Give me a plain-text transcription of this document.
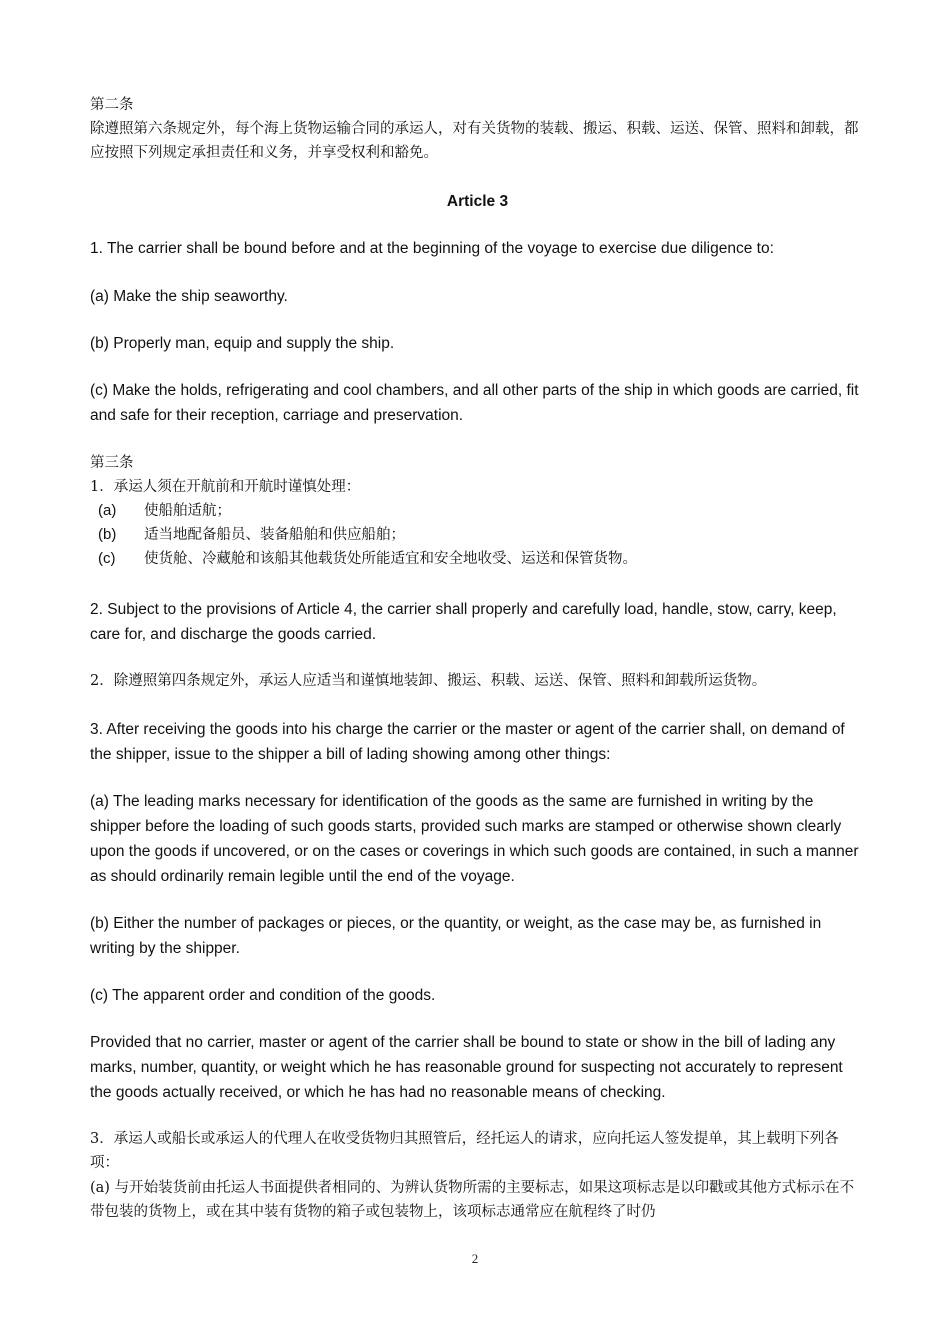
第二条
除遵照第六条规定外，每个海上货物运输合同的承运人，对有关货物的装载、搬运、积载、运送、保管、照料和卸载，都应按照下列规定承担责任和义务，并享受权利和豁免。
Article 3
1. The carrier shall be bound before and at the beginning of the voyage to exercise due diligence to:
(a) Make the ship seaworthy.
(b) Properly man, equip and supply the ship.
(c) Make the holds, refrigerating and cool chambers, and all other parts of the ship in which goods are carried, fit and safe for their reception, carriage and preservation.
第三条
1．承运人须在开航前和开航时谨慎处理：
(a)	使船舶适航；
(b)	适当地配备船员、装备船舶和供应船舶；
(c)	使货舱、冷藏舱和该船其他载货处所能适宜和安全地收受、运送和保管货物。
2. Subject to the provisions of Article 4, the carrier shall properly and carefully load, handle, stow, carry, keep, care for, and discharge the goods carried.
2．除遵照第四条规定外，承运人应适当和谨慎地装卸、搬运、积载、运送、保管、照料和卸载所运货物。
3. After receiving the goods into his charge the carrier or the master or agent of the carrier shall, on demand of the shipper, issue to the shipper a bill of lading showing among other things:
(a) The leading marks necessary for identification of the goods as the same are furnished in writing by the shipper before the loading of such goods starts, provided such marks are stamped or otherwise shown clearly upon the goods if uncovered, or on the cases or coverings in which such goods are contained, in such a manner as should ordinarily remain legible until the end of the voyage.
(b) Either the number of packages or pieces, or the quantity, or weight, as the case may be, as furnished in writing by the shipper.
(c) The apparent order and condition of the goods.
Provided that no carrier, master or agent of the carrier shall be bound to state or show in the bill of lading any marks, number, quantity, or weight which he has reasonable ground for suspecting not accurately to represent the goods actually received, or which he has had no reasonable means of checking.
3．承运人或船长或承运人的代理人在收受货物归其照管后，经托运人的请求，应向托运人签发提单，其上载明下列各项：
(a) 与开始装货前由托运人书面提供者相同的、为辨认货物所需的主要标志，如果这项标志是以印戳或其他方式标示在不带包装的货物上，或在其中装有货物的箱子或包装物上，该项标志通常应在航程终了时仍
2
